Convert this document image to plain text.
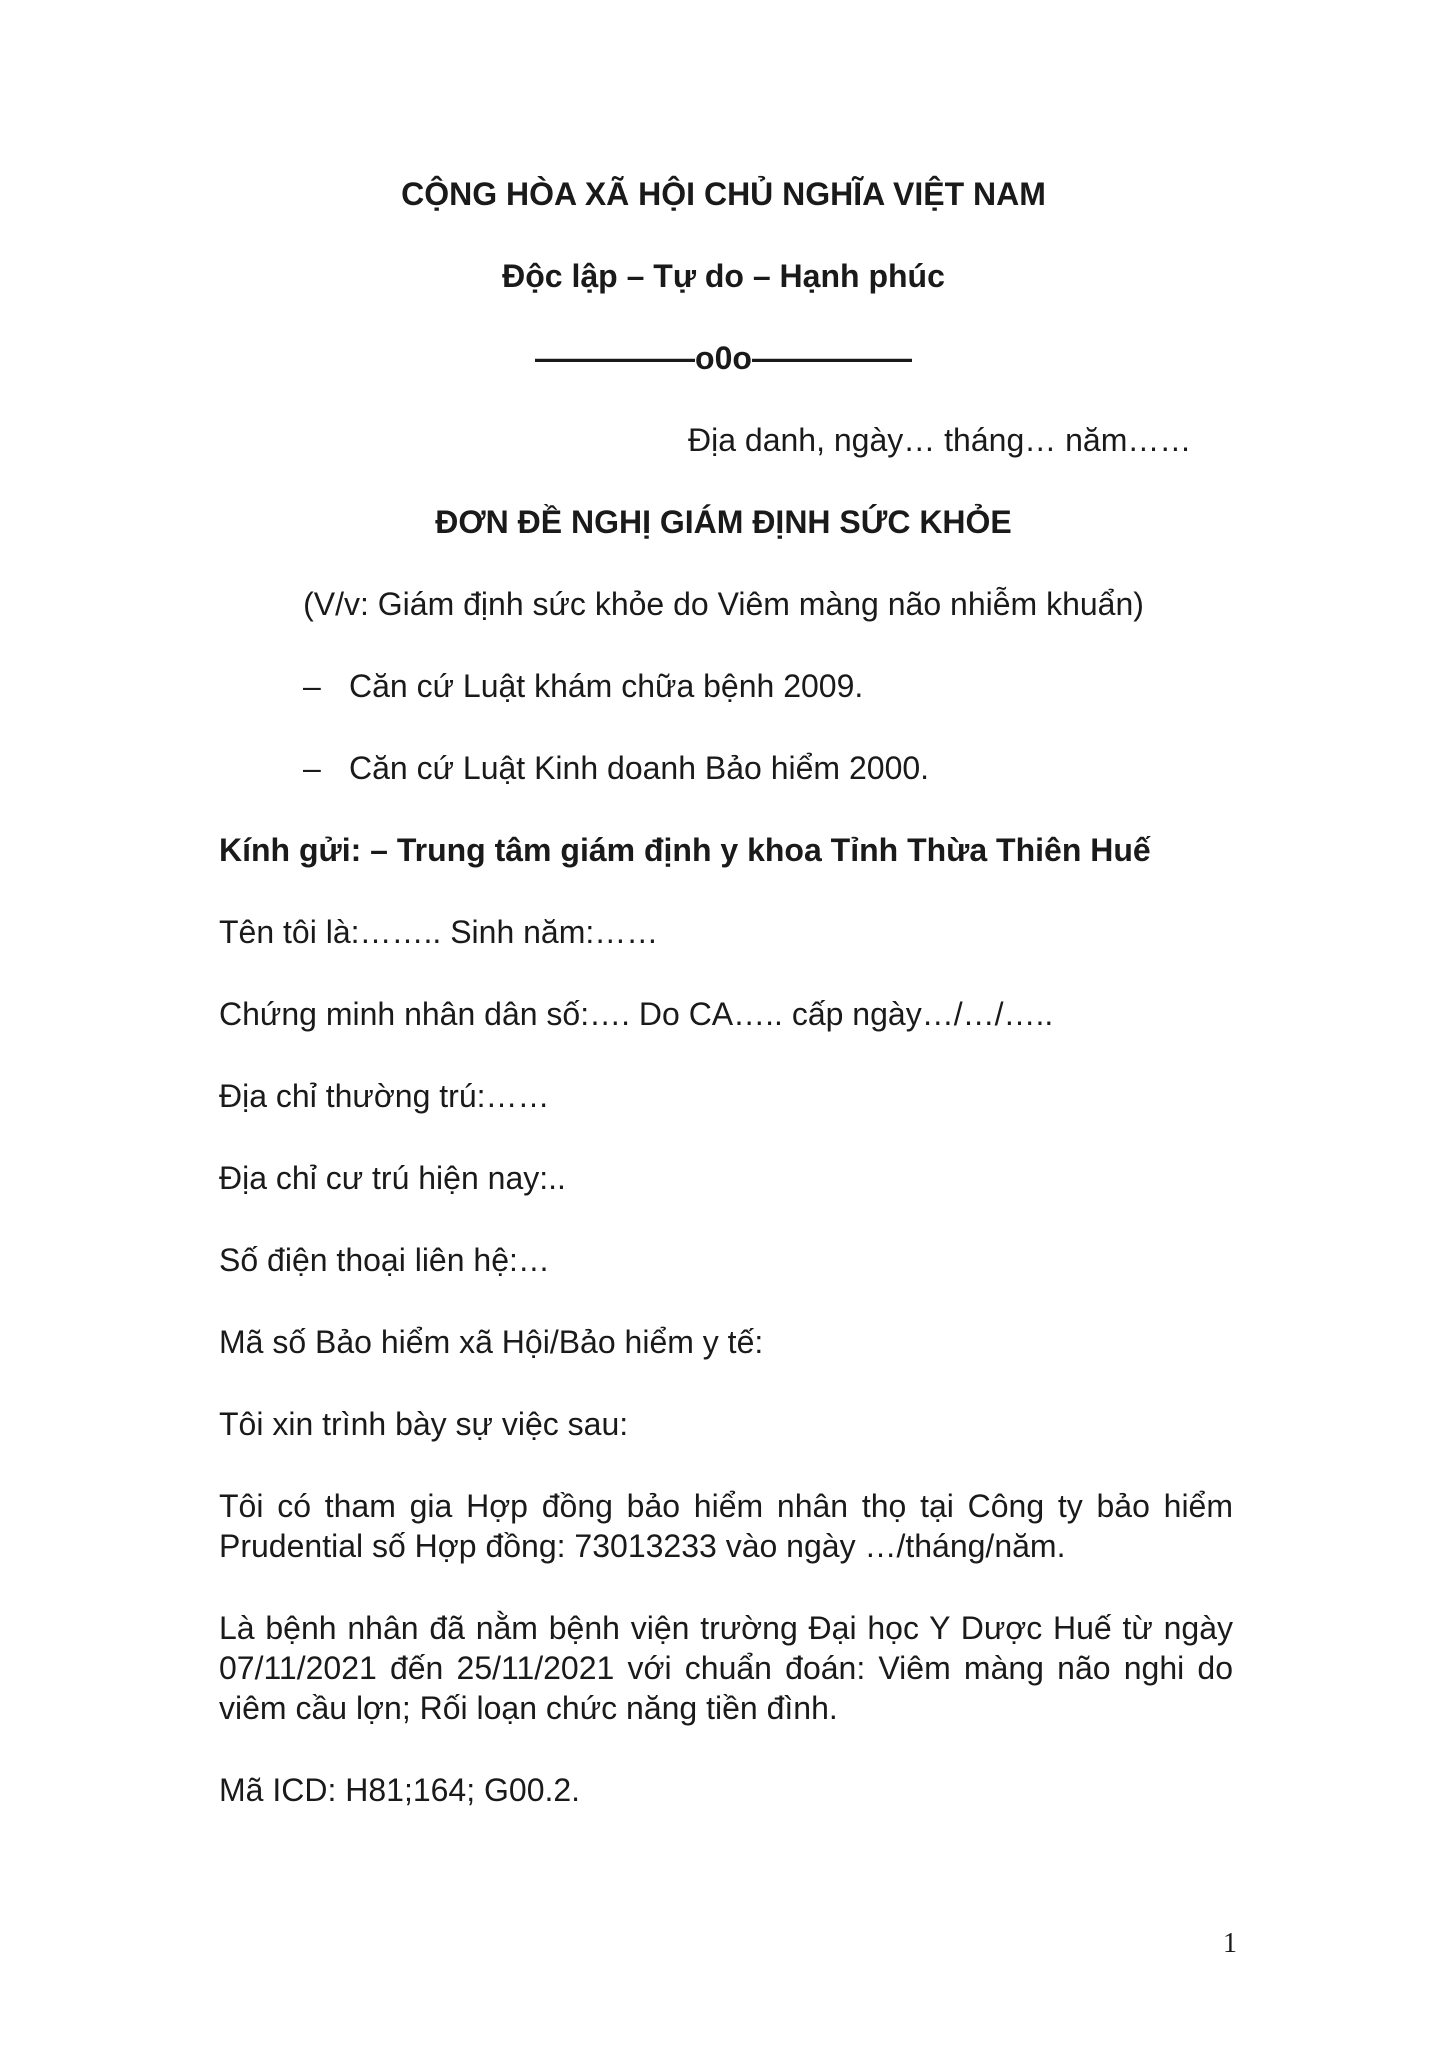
CỘNG HÒA XÃ HỘI CHỦ NGHĨA VIỆT NAM
Độc lập – Tự do – Hạnh phúc
—————o0o—————
Địa danh, ngày… tháng… năm……
ĐƠN ĐỀ NGHỊ GIÁM ĐỊNH SỨC KHỎE
(V/v: Giám định sức khỏe do Viêm màng não nhiễm khuẩn)
– Căn cứ Luật khám chữa bệnh 2009.
– Căn cứ Luật Kinh doanh Bảo hiểm 2000.
Kính gửi: – Trung tâm giám định y khoa Tỉnh Thừa Thiên Huế
Tên tôi là:…….. Sinh năm:……
Chứng minh nhân dân số:…. Do CA….. cấp ngày…/…/…..
Địa chỉ thường trú:……
Địa chỉ cư trú hiện nay:..
Số điện thoại liên hệ:…
Mã số Bảo hiểm xã Hội/Bảo hiểm y tế:
Tôi xin trình bày sự việc sau:
Tôi có tham gia Hợp đồng bảo hiểm nhân thọ tại Công ty bảo hiểm Prudential số Hợp đồng: 73013233 vào ngày …/tháng/năm.
Là bệnh nhân đã nằm bệnh viện trường Đại học Y Dược Huế từ ngày 07/11/2021 đến 25/11/2021 với chuẩn đoán: Viêm màng não nghi do viêm cầu lợn; Rối loạn chức năng tiền đình.
Mã ICD: H81;164; G00.2.
1
